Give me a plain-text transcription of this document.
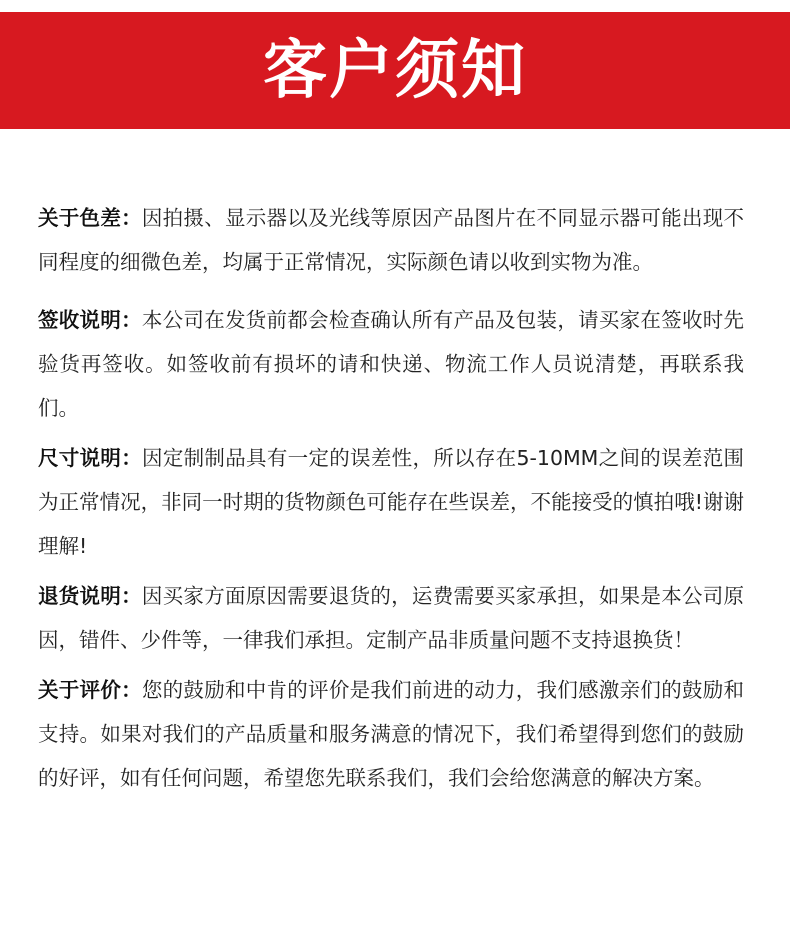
客户须知

关于色差：因拍摄、显示器以及光线等原因产品图片在不同显示器可能出现不同程度的细微色差，均属于正常情况，实际颜色请以收到实物为准。

签收说明：本公司在发货前都会检查确认所有产品及包装，请买家在签收时先验货再签收。如签收前有损坏的请和快递、物流工作人员说清楚，再联系我们。

尺寸说明：因定制制品具有一定的误差性，所以存在5-10MM之间的误差范围为正常情况，非同一时期的货物颜色可能存在些误差，不能接受的慎拍哦!谢谢理解!

退货说明：因买家方面原因需要退货的，运费需要买家承担，如果是本公司原因，错件、少件等，一律我们承担。定制产品非质量问题不支持退换货！

关于评价：您的鼓励和中肯的评价是我们前进的动力，我们感激亲们的鼓励和支持。如果对我们的产品质量和服务满意的情况下，我们希望得到您们的鼓励的好评，如有任何问题，希望您先联系我们，我们会给您满意的解决方案。
